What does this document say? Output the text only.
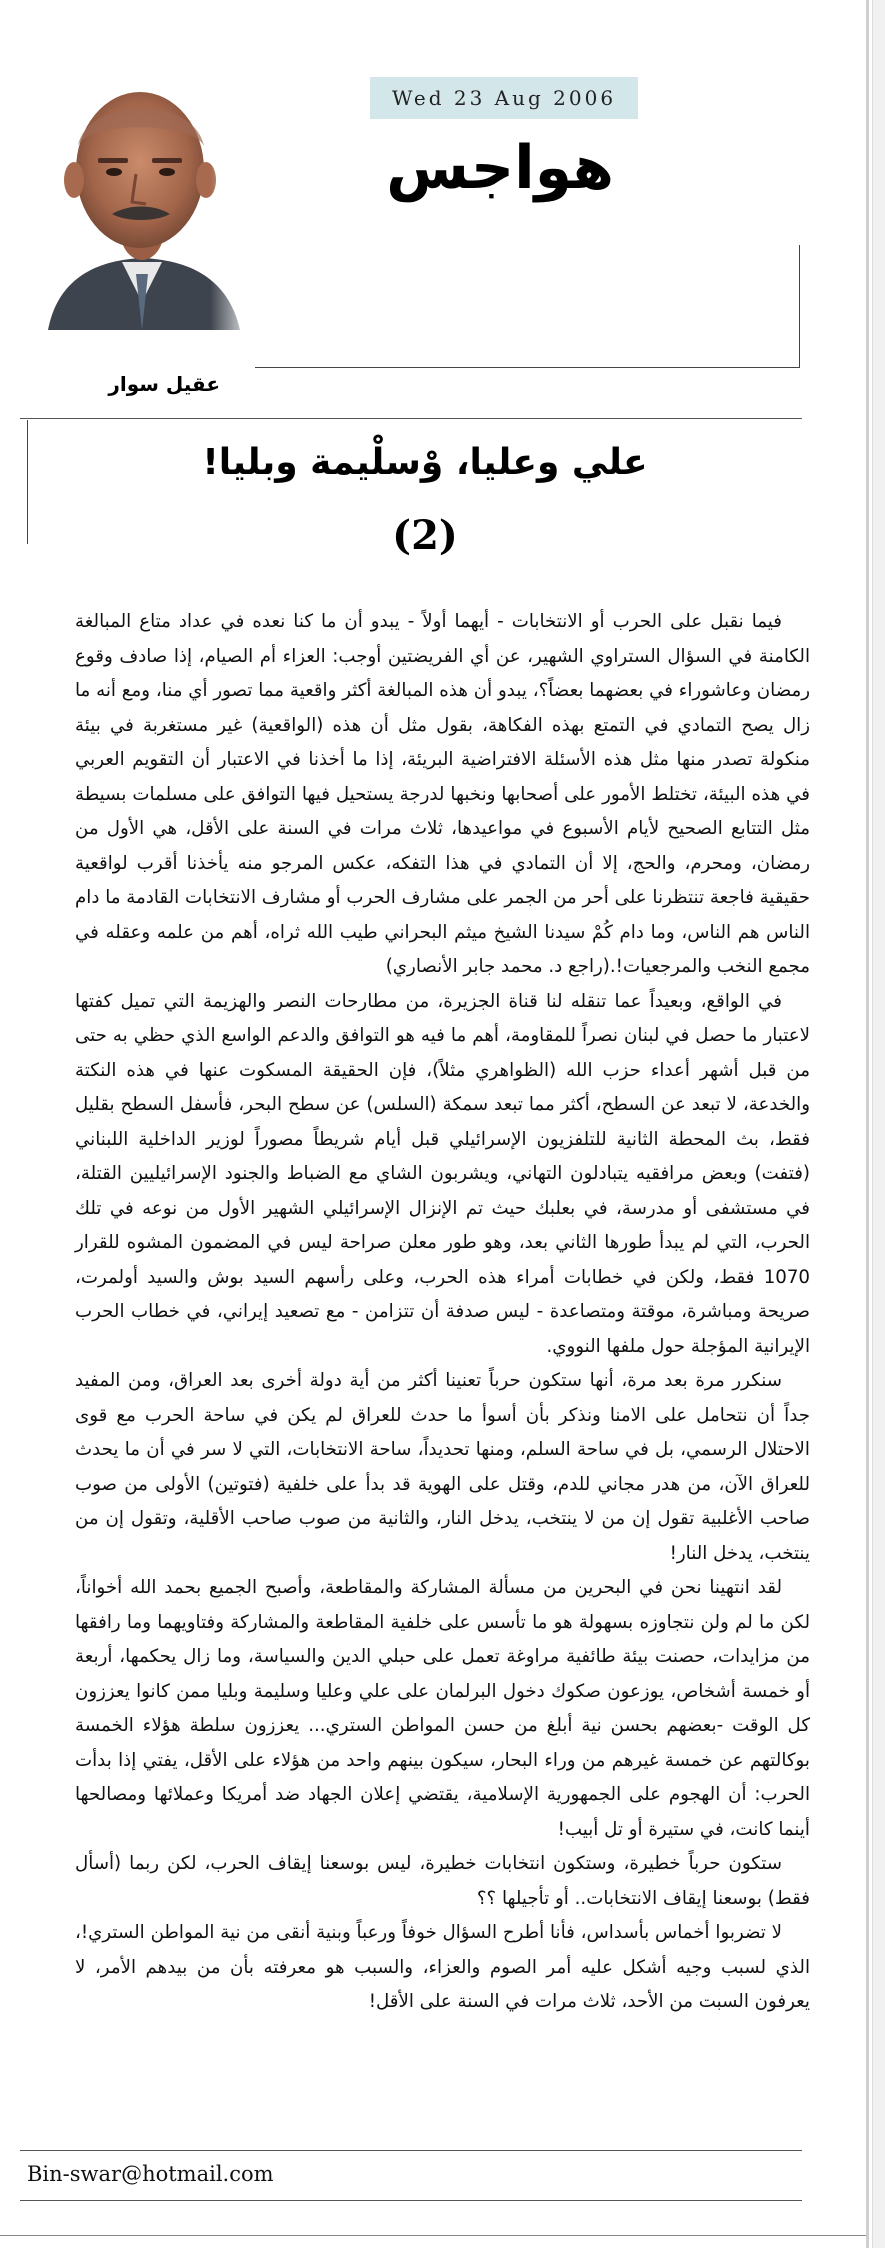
Wed 23 Aug 2006
هواجس
عقيل سوار
علي وعليا، وْسلْيمة وبليا!
(2)

فيما نقبل على الحرب أو الانتخابات - أيهما أولاً - يبدو أن ما كنا نعده في عداد متاع المبالغة الكامنة في السؤال الستراوي الشهير، عن أي الفريضتين أوجب: العزاء أم الصيام، إذا صادف وقوع رمضان وعاشوراء في بعضهما بعضاً؟، يبدو أن هذه المبالغة أكثر واقعية مما تصور أي منا، ومع أنه ما زال يصح التمادي في التمتع بهذه الفكاهة، بقول مثل أن هذه (الواقعية) غير مستغربة في بيئة منكولة تصدر منها مثل هذه الأسئلة الافتراضية البريئة، إذا ما أخذنا في الاعتبار أن التقويم العربي في هذه البيئة، تختلط الأمور على أصحابها ونخبها لدرجة يستحيل فيها التوافق على مسلمات بسيطة مثل التتابع الصحيح لأيام الأسبوع في مواعيدها، ثلاث مرات في السنة على الأقل، هي الأول من رمضان، ومحرم، والحج، إلا أن التمادي في هذا التفكه، عكس المرجو منه يأخذنا أقرب لواقعية حقيقية فاجعة تنتظرنا على أحر من الجمر على مشارف الحرب أو مشارف الانتخابات القادمة ما دام الناس هم الناس، وما دام كُمْ سيدنا الشيخ ميثم البحراني طيب الله ثراه، أهم من علمه وعقله في مجمع النخب والمرجعيات!.(راجع د. محمد جابر الأنصاري)

في الواقع، وبعيداً عما تنقله لنا قناة الجزيرة، من مطارحات النصر والهزيمة التي تميل كفتها لاعتبار ما حصل في لبنان نصراً للمقاومة، أهم ما فيه هو التوافق والدعم الواسع الذي حظي به حتى من قبل أشهر أعداء حزب الله (الظواهري مثلاً)، فإن الحقيقة المسكوت عنها في هذه النكتة والخدعة، لا تبعد عن السطح، أكثر مما تبعد سمكة (السلس) عن سطح البحر، فأسفل السطح بقليل فقط، بث المحطة الثانية للتلفزيون الإسرائيلي قبل أيام شريطاً مصوراً لوزير الداخلية اللبناني (فتفت) وبعض مرافقيه يتبادلون التهاني، ويشربون الشاي مع الضباط والجنود الإسرائيليين القتلة، في مستشفى أو مدرسة، في بعلبك حيث تم الإنزال الإسرائيلي الشهير الأول من نوعه في تلك الحرب، التي لم يبدأ طورها الثاني بعد، وهو طور معلن صراحة ليس في المضمون المشوه للقرار 1070 فقط، ولكن في خطابات أمراء هذه الحرب، وعلى رأسهم السيد بوش والسيد أولمرت، صريحة ومباشرة، موقتة ومتصاعدة - ليس صدفة أن تتزامن - مع تصعيد إيراني، في خطاب الحرب الإيرانية المؤجلة حول ملفها النووي.

سنكرر مرة بعد مرة، أنها ستكون حرباً تعنينا أكثر من أية دولة أخرى بعد العراق، ومن المفيد جداً أن نتحامل على الامنا ونذكر بأن أسوأ ما حدث للعراق لم يكن في ساحة الحرب مع قوى الاحتلال الرسمي، بل في ساحة السلم، ومنها تحديداً، ساحة الانتخابات، التي لا سر في أن ما يحدث للعراق الآن، من هدر مجاني للدم، وقتل على الهوية قد بدأ على خلفية (فتوتين) الأولى من صوب صاحب الأغلبية تقول إن من لا ينتخب، يدخل النار، والثانية من صوب صاحب الأقلية، وتقول إن من ينتخب، يدخل النار!

لقد انتهينا نحن في البحرين من مسألة المشاركة والمقاطعة، وأصبح الجميع بحمد الله أخواناً، لكن ما لم ولن نتجاوزه بسهولة هو ما تأسس على خلفية المقاطعة والمشاركة وفتاويهما وما رافقها من مزايدات، حصنت بيئة طائفية مراوغة تعمل على حبلي الدين والسياسة، وما زال يحكمها، أربعة أو خمسة أشخاص، يوزعون صكوك دخول البرلمان على علي وعليا وسليمة وبليا ممن كانوا يعززون كل الوقت -بعضهم بحسن نية أبلغ من حسن المواطن الستري... يعززون سلطة هؤلاء الخمسة بوكالتهم عن خمسة غيرهم من وراء البحار، سيكون بينهم واحد من هؤلاء على الأقل، يفتي إذا بدأت الحرب: أن الهجوم على الجمهورية الإسلامية، يقتضي إعلان الجهاد ضد أمريكا وعملائها ومصالحها أينما كانت، في ستيرة أو تل أبيب!

ستكون حرباً خطيرة، وستكون انتخابات خطيرة، ليس بوسعنا إيقاف الحرب، لكن ربما (أسأل فقط) بوسعنا إيقاف الانتخابات.. أو تأجيلها ؟؟

لا تضربوا أخماس بأسداس، فأنا أطرح السؤال خوفاً ورعباً وبنية أنقى من نية المواطن الستري!، الذي لسبب وجيه أشكل عليه أمر الصوم والعزاء، والسبب هو معرفته بأن من بيدهم الأمر، لا يعرفون السبت من الأحد، ثلاث مرات في السنة على الأقل!

Bin-swar@hotmail.com
